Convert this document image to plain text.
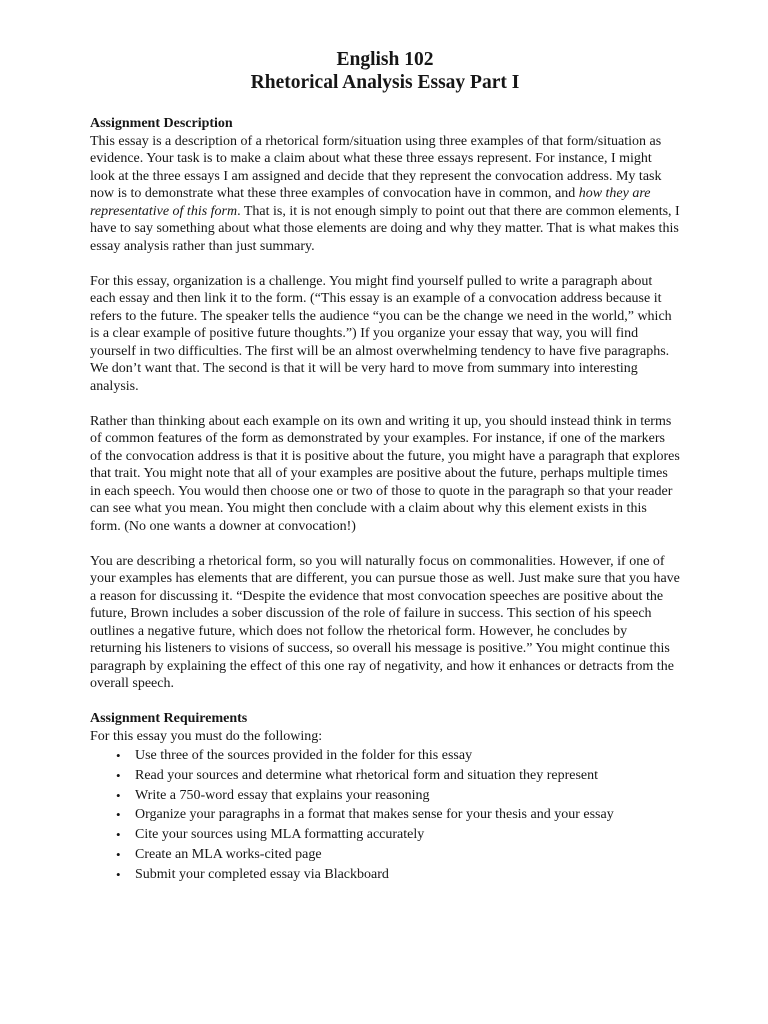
English 102

Rhetorical Analysis Essay Part I

Assignment Description

This essay is a description of a rhetorical form/situation using three examples of that form/situation as evidence. Your task is to make a claim about what these three essays represent. For instance, I might look at the three essays I am assigned and decide that they represent the convocation address. My task now is to demonstrate what these three examples of convocation have in common, and how they are representative of this form. That is, it is not enough simply to point out that there are common elements, I have to say something about what those elements are doing and why they matter. That is what makes this essay analysis rather than just summary.

For this essay, organization is a challenge. You might find yourself pulled to write a paragraph about each essay and then link it to the form. (“This essay is an example of a convocation address because it refers to the future. The speaker tells the audience “you can be the change we need in the world,” which is a clear example of positive future thoughts.”) If you organize your essay that way, you will find yourself in two difficulties. The first will be an almost overwhelming tendency to have five paragraphs. We don’t want that. The second is that it will be very hard to move from summary into interesting analysis.

Rather than thinking about each example on its own and writing it up, you should instead think in terms of common features of the form as demonstrated by your examples. For instance, if one of the markers of the convocation address is that it is positive about the future, you might have a paragraph that explores that trait. You might note that all of your examples are positive about the future, perhaps multiple times in each speech. You would then choose one or two of those to quote in the paragraph so that your reader can see what you mean. You might then conclude with a claim about why this element exists in this form. (No one wants a downer at convocation!)

You are describing a rhetorical form, so you will naturally focus on commonalities. However, if one of your examples has elements that are different, you can pursue those as well. Just make sure that you have a reason for discussing it. “Despite the evidence that most convocation speeches are positive about the future, Brown includes a sober discussion of the role of failure in success. This section of his speech outlines a negative future, which does not follow the rhetorical form. However, he concludes by returning his listeners to visions of success, so overall his message is positive.” You might continue this paragraph by explaining the effect of this one ray of negativity, and how it enhances or detracts from the overall speech.

Assignment Requirements

For this essay you must do the following:

• Use three of the sources provided in the folder for this essay
• Read your sources and determine what rhetorical form and situation they represent
• Write a 750-word essay that explains your reasoning
• Organize your paragraphs in a format that makes sense for your thesis and your essay
• Cite your sources using MLA formatting accurately
• Create an MLA works-cited page
• Submit your completed essay via Blackboard
